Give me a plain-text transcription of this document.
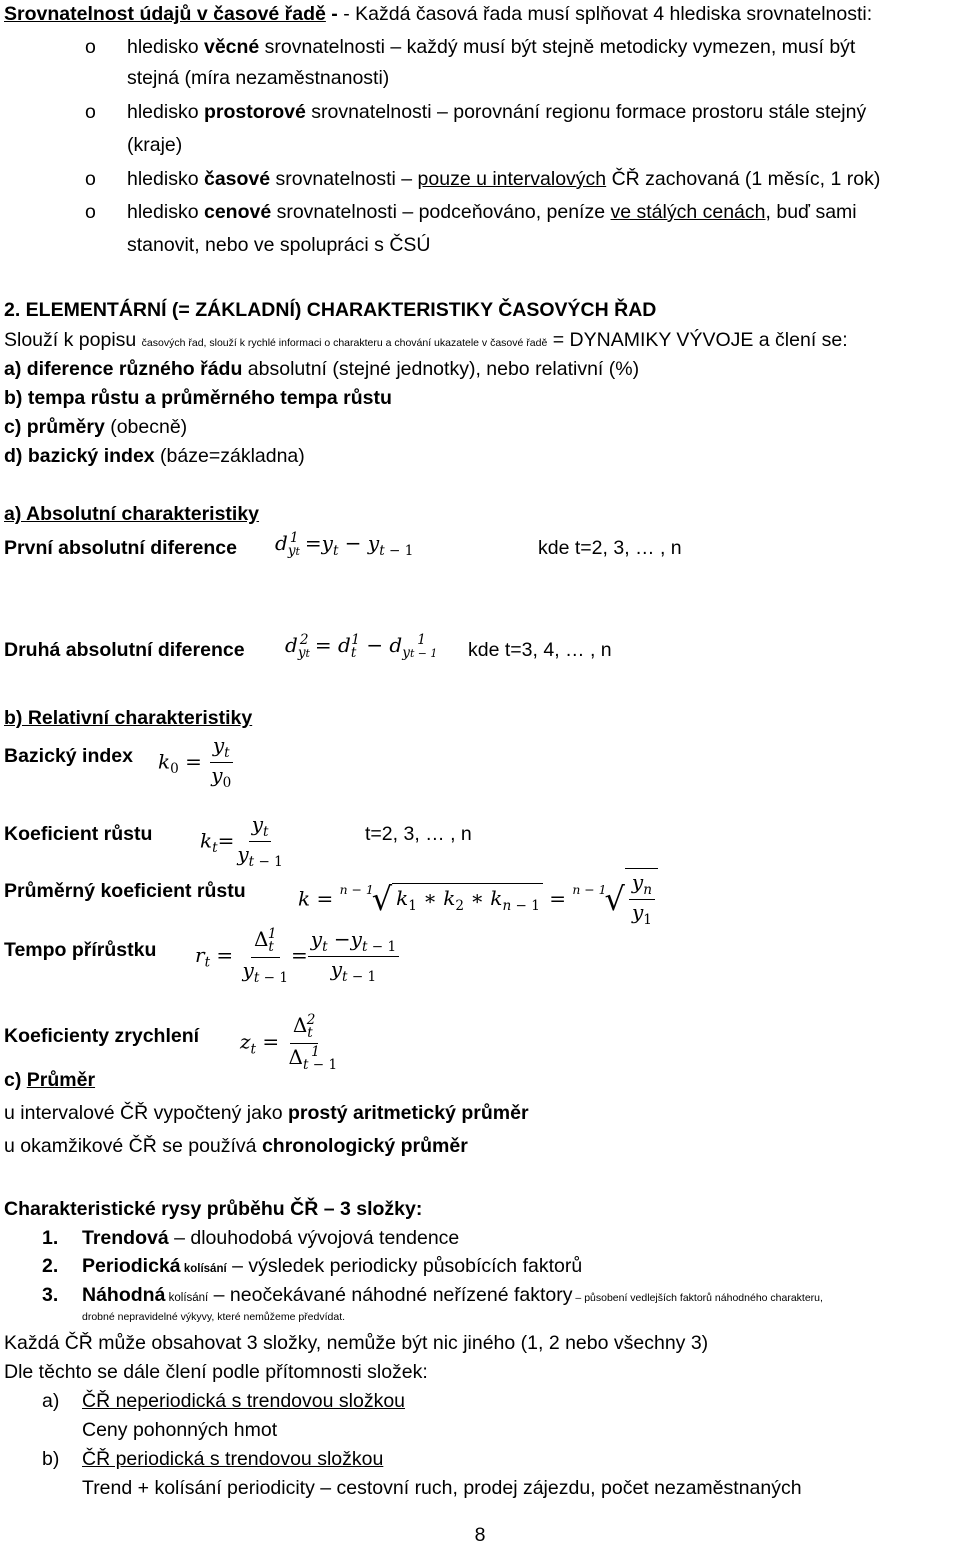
Srovnatelnost údajů v časové řadě - - Každá časová řada musí splňovat 4 hlediska srovnatelnosti:
o hledisko věcné srovnatelnosti – každý musí být stejně metodicky vymezen, musí být
stejná (míra nezaměstnanosti)
o hledisko prostorové srovnatelnosti – porovnání regionu formace prostoru stále stejný
(kraje)
o hledisko časové srovnatelnosti – pouze u intervalových ČŘ zachovaná (1 měsíc, 1 rok)
o hledisko cenové srovnatelnosti – podceňováno, peníze ve stálých cenách, buď sami
stanovit, nebo ve spolupráci s ČSÚ
2. ELEMENTÁRNÍ (= ZÁKLADNÍ) CHARAKTERISTIKY ČASOVÝCH ŘAD
Slouží k popisu časových řad, slouží k rychlé informaci o charakteru a chování ukazatele v časové řadě = DYNAMIKY VÝVOJE a člení se:
a) diference různého řádu absolutní (stejné jednotky), nebo relativní (%)
b) tempa růstu a průměrného tempa růstu
c) průměry (obecně)
d) bazický index (báze=základna)
a) Absolutní charakteristiky
První absolutní diference $d_{yt}^1 =y_t - y_{t - 1}$	kde t=2, 3, … , n
Druhá absolutní diference $d_{yt}^2 = d_t^1 - d_{yt - 1}^1$ kde t=3, 4, … , n
b) Relativní charakteristiky
Bazický index $k_0 = \frac{y_t}{y_0}$
Koeficient růstu $k_t= \frac{y_t}{y_{t - 1}}$	t=2, 3, … , n
Průměrný koeficient růstu	k = $^{n - 1}$√ $k_1$ ∗ $k_2$ ∗ $k_{n - 1} = ^{n - 1}√ \frac{y_n}{y_1}$
Tempo přírůstku $r_t = \frac{\Delta_t^1}{y_{t - 1}} = \frac{y_t -y_{t - 1}}{y_{t - 1}}$
Koeficienty zrychlení $z_t = \frac{\Delta_t^2}{\Delta_{t - 1}^1}$
c) Průměr
u intervalové ČŘ vypočtený jako prostý aritmetický průměr
u okamžikové ČŘ se používá chronologický průměr
Charakteristické rysy průběhu ČŘ – 3 složky:
1. Trendová – dlouhodobá vývojová tendence
2. Periodická kolísání – výsledek periodicky působících faktorů
3. Náhodná kolísání – neočekávané náhodné neřízené faktory – působení vedlejších faktorů náhodného charakteru,
drobné nepravidelné výkyvy, které nemůžeme předvídat.
Každá ČŘ může obsahovat 3 složky, nemůže být nic jiného (1, 2 nebo všechny 3)
Dle těchto se dále člení podle přítomnosti složek:
a) ČŘ neperiodická s trendovou složkou
Ceny pohonných hmot
b) ČŘ periodická s trendovou složkou
Trend + kolísání periodicity – cestovní ruch, prodej zájezdu, počet nezaměstnaných
8
